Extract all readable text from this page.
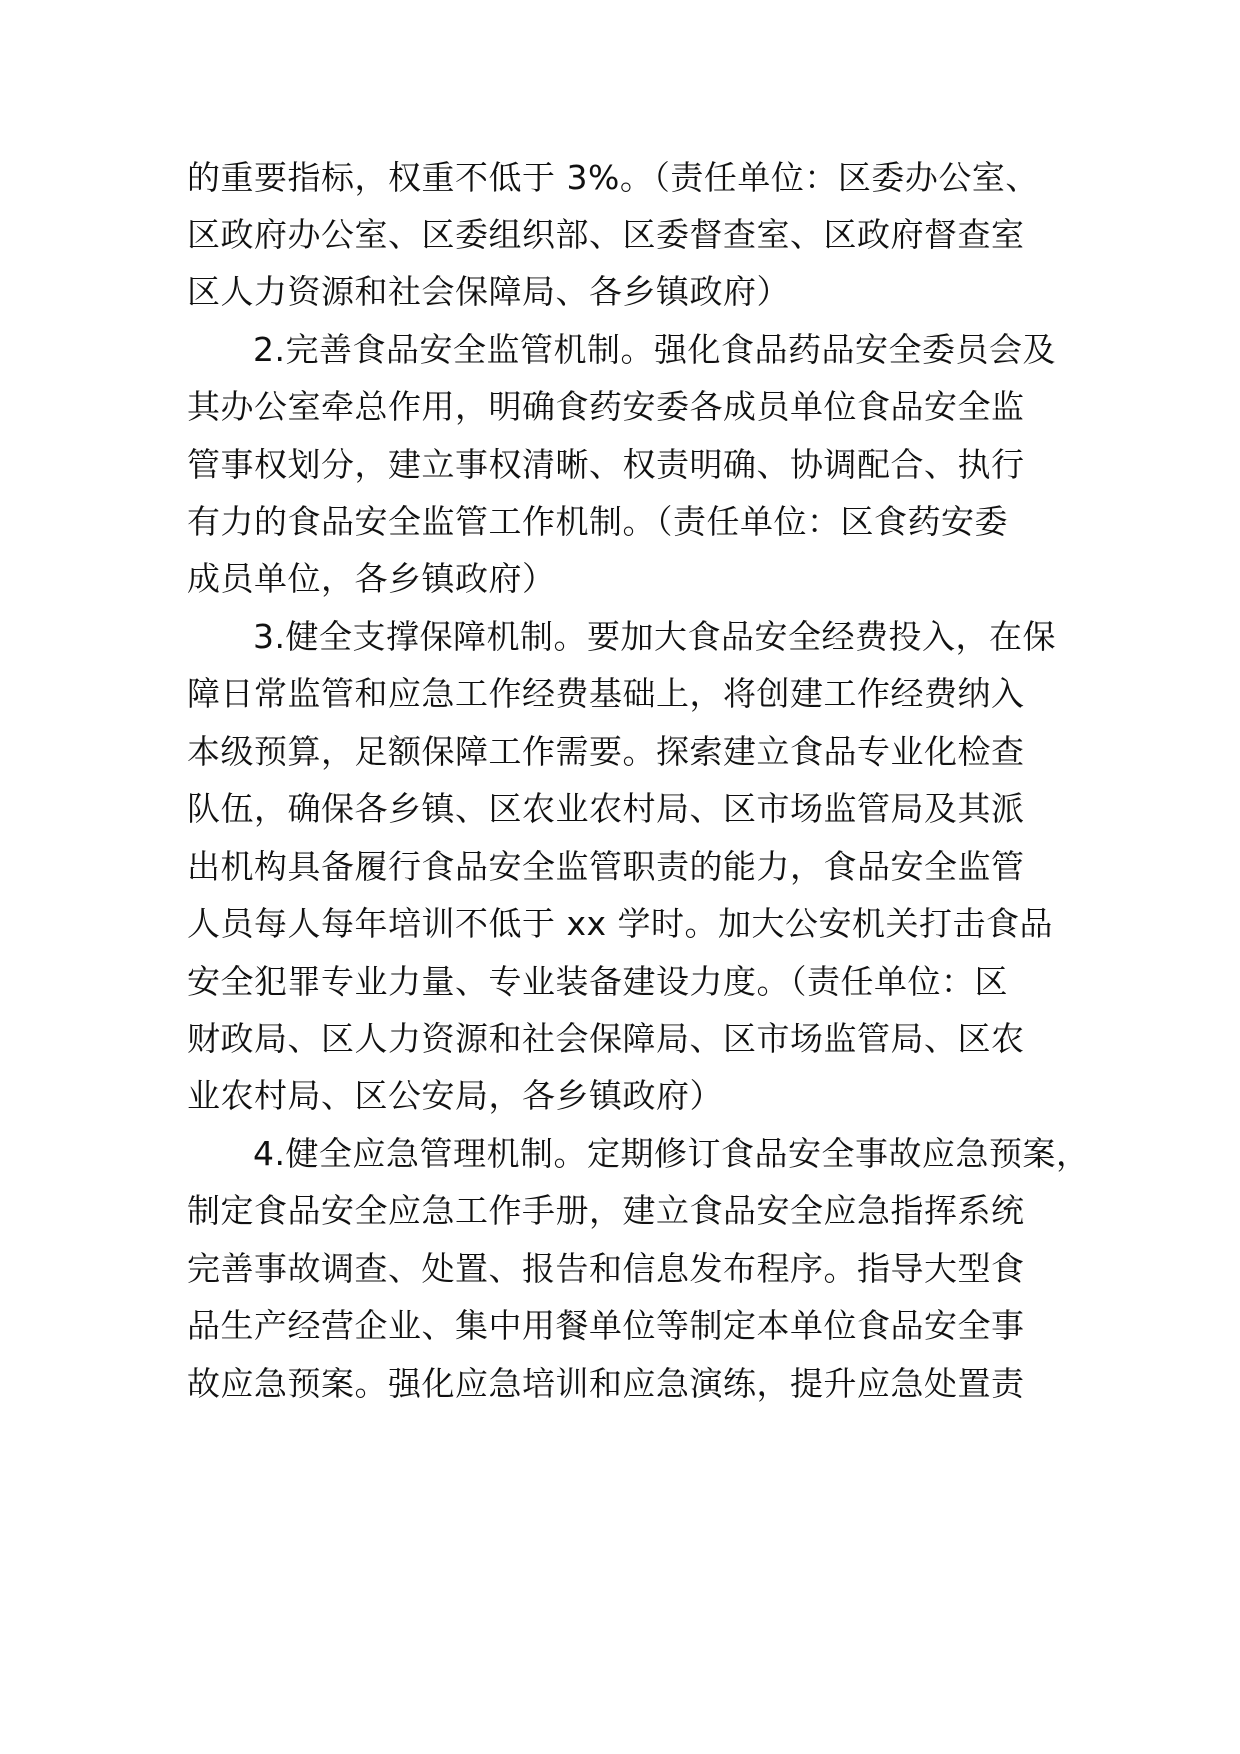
的重要指标，权重不低于 3%。（责任单位：区委办公室、
区政府办公室、区委组织部、区委督查室、区政府督查室
区人力资源和社会保障局、各乡镇政府）
2.完善食品安全监管机制。强化食品药品安全委员会及
其办公室牵总作用，明确食药安委各成员单位食品安全监
管事权划分，建立事权清晰、权责明确、协调配合、执行
有力的食品安全监管工作机制。（责任单位：区食药安委
成员单位，各乡镇政府）
3.健全支撑保障机制。要加大食品安全经费投入，在保
障日常监管和应急工作经费基础上，将创建工作经费纳入
本级预算，足额保障工作需要。探索建立食品专业化检查
队伍，确保各乡镇、区农业农村局、区市场监管局及其派
出机构具备履行食品安全监管职责的能力，食品安全监管
人员每人每年培训不低于 xx 学时。加大公安机关打击食品
安全犯罪专业力量、专业装备建设力度。（责任单位：区
财政局、区人力资源和社会保障局、区市场监管局、区农
业农村局、区公安局，各乡镇政府）
4.健全应急管理机制。定期修订食品安全事故应急预案，
制定食品安全应急工作手册，建立食品安全应急指挥系统
完善事故调查、处置、报告和信息发布程序。指导大型食
品生产经营企业、集中用餐单位等制定本单位食品安全事
故应急预案。强化应急培训和应急演练，提升应急处置责
